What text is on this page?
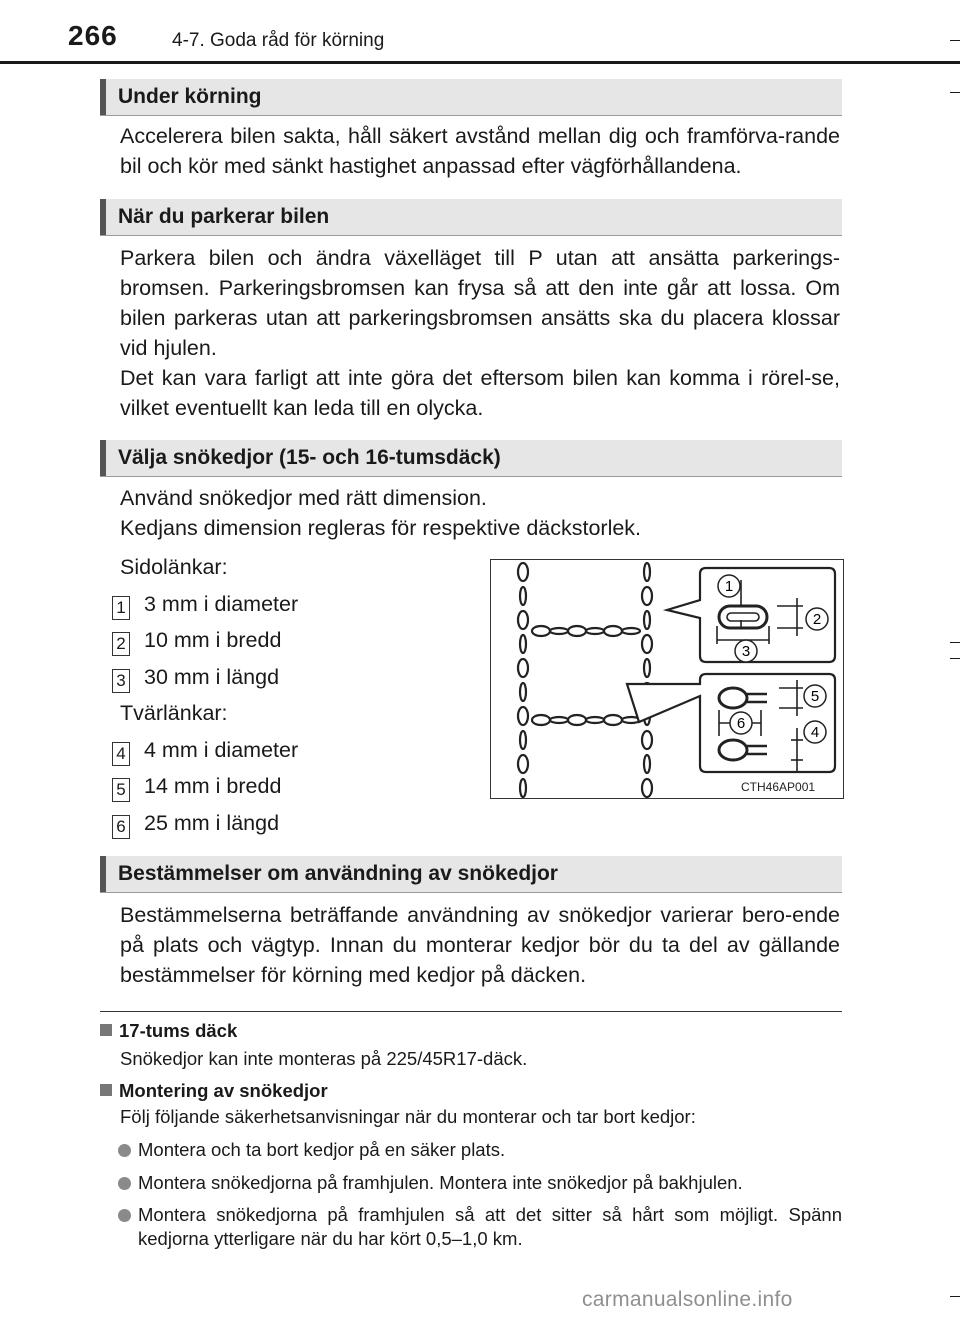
266	4-7. Goda råd för körning
Under körning
Accelerera bilen sakta, håll säkert avstånd mellan dig och framförva-rande bil och kör med sänkt hastighet anpassad efter vägförhållandena.
När du parkerar bilen
Parkera bilen och ändra växelläget till P utan att ansätta parkerings-bromsen. Parkeringsbromsen kan frysa så att den inte går att lossa. Om bilen parkeras utan att parkeringsbromsen ansätts ska du placera klossar vid hjulen.
Det kan vara farligt att inte göra det eftersom bilen kan komma i rörel-se, vilket eventuellt kan leda till en olycka.
Välja snökedjor (15- och 16-tumsdäck)
Använd snökedjor med rätt dimension.
Kedjans dimension regleras för respektive däckstorlek.
Sidolänkar:
1 3 mm i diameter
2 10 mm i bredd
3 30 mm i längd
Tvärlänkar:
4 4 mm i diameter
5 14 mm i bredd
6 25 mm i längd
1
2
3
4
5
6
CTH46AP001
Bestämmelser om användning av snökedjor
Bestämmelserna beträffande användning av snökedjor varierar bero-ende på plats och vägtyp. Innan du monterar kedjor bör du ta del av gällande bestämmelser för körning med kedjor på däcken.
17-tums däck
Snökedjor kan inte monteras på 225/45R17-däck.
Montering av snökedjor
Följ följande säkerhetsanvisningar när du monterar och tar bort kedjor:
Montera och ta bort kedjor på en säker plats.
Montera snökedjorna på framhjulen. Montera inte snökedjor på bakhjulen.
Montera snökedjorna på framhjulen så att det sitter så hårt som möjligt. Spänn kedjorna ytterligare när du har kört 0,5–1,0 km.
carmanualsonline.info
